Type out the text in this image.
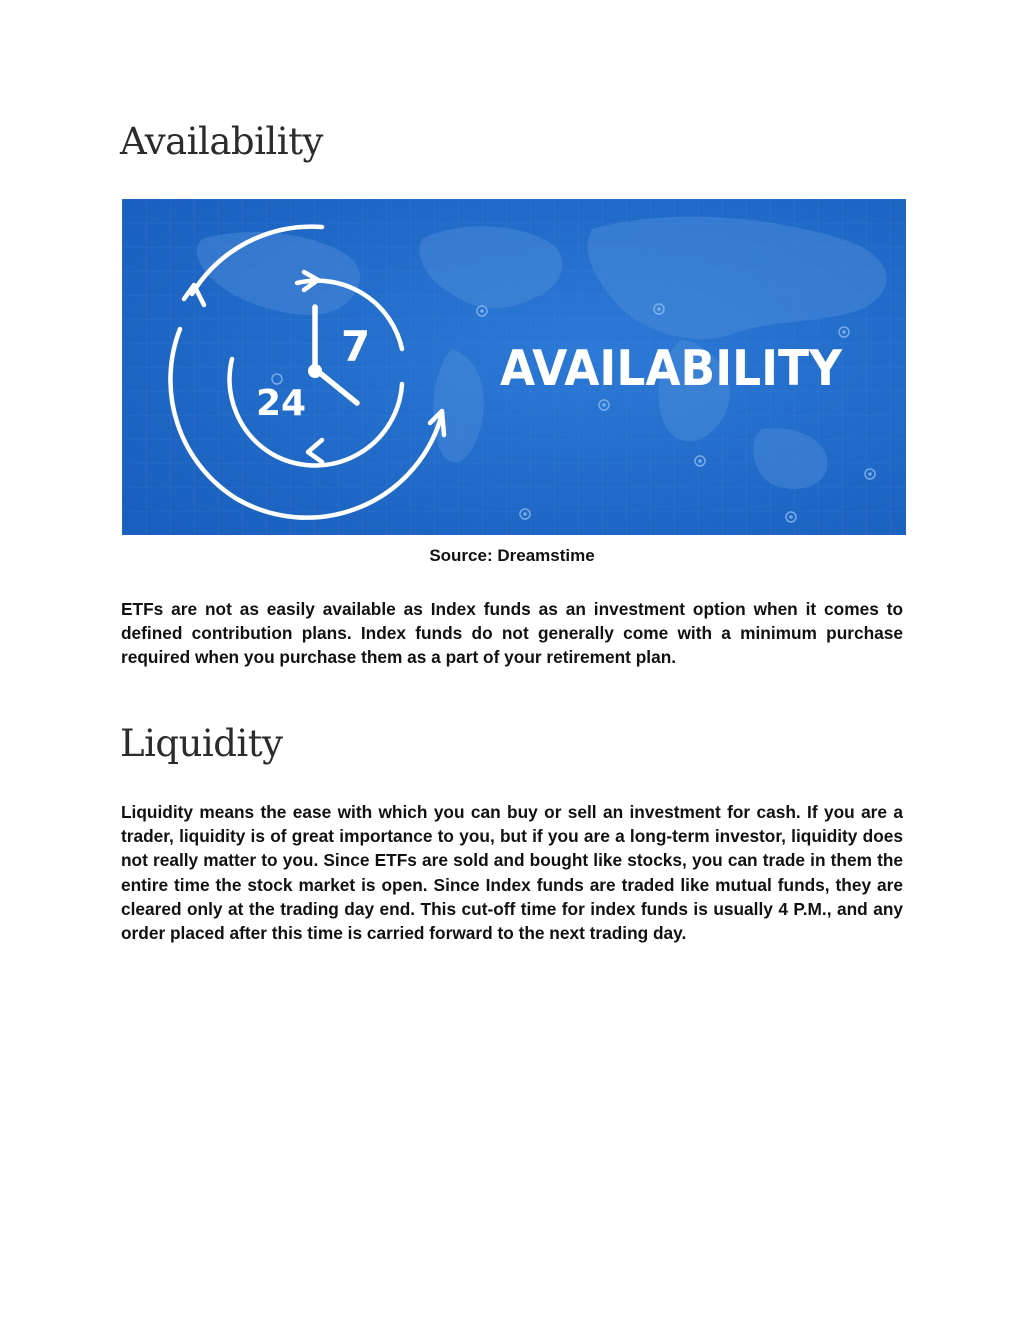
Availability
7
24
AVAILABILITY
Source: Dreamstime

ETFs are not as easily available as Index funds as an investment option when it comes to defined contribution plans. Index funds do not generally come with a minimum purchase required when you purchase them as a part of your retirement plan.

Liquidity

Liquidity means the ease with which you can buy or sell an investment for cash. If you are a trader, liquidity is of great importance to you, but if you are a long-term investor, liquidity does not really matter to you. Since ETFs are sold and bought like stocks, you can trade in them the entire time the stock market is open. Since Index funds are traded like mutual funds, they are cleared only at the trading day end. This cut-off time for index funds is usually 4 P.M., and any order placed after this time is carried forward to the next trading day.
